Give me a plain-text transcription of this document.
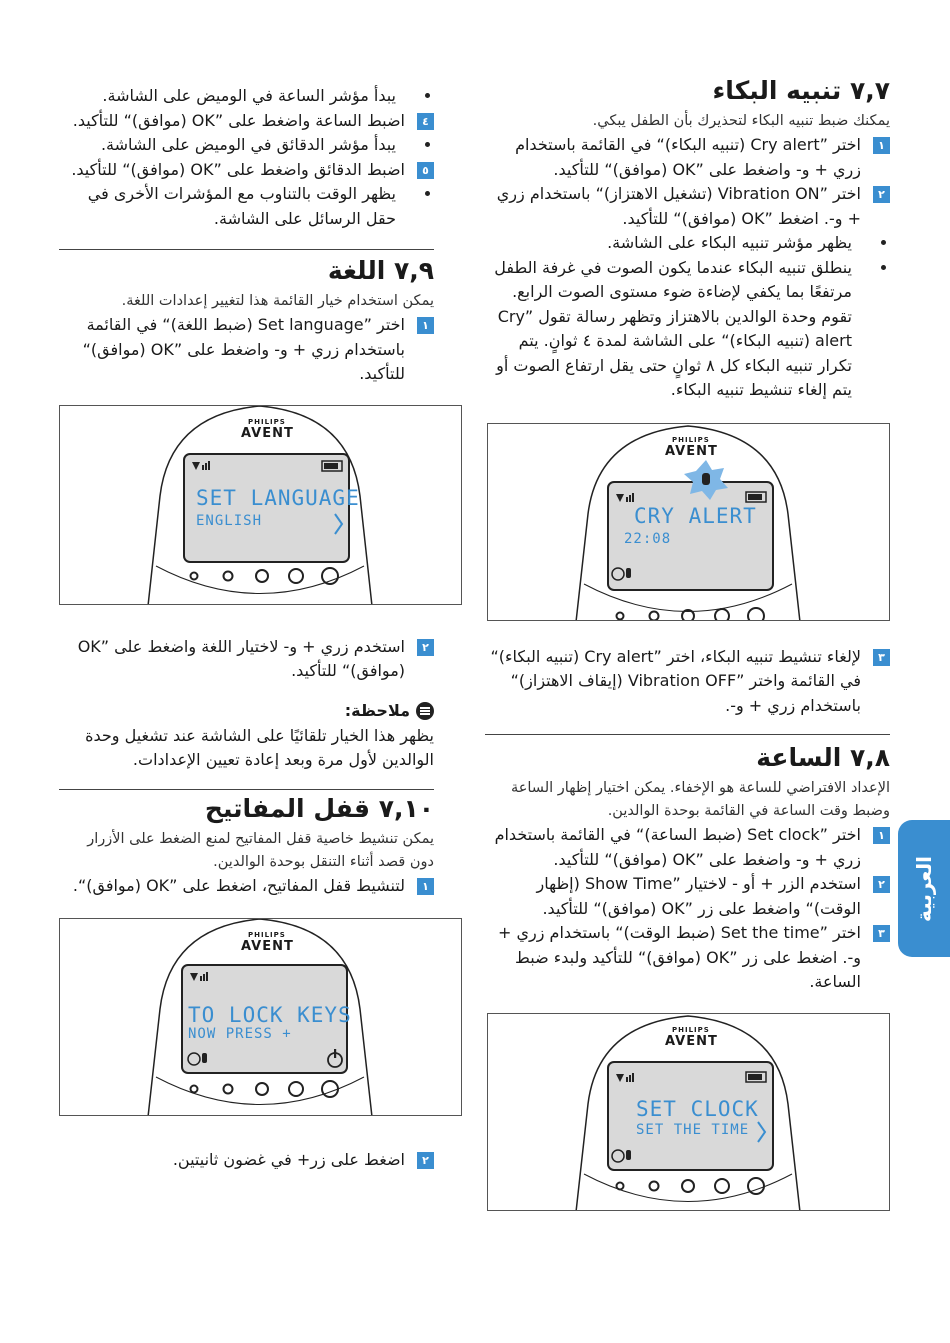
٧,٧ تنبيه البكاء

يمكنك ضبط تنبيه البكاء لتحذيرك بأن الطفل يبكي.

١
اختر ”Cry alert (تنبيه البكاء)“ في القائمة باستخدام زري + و- واضغط على ”OK (موافق)“ للتأكيد.
٢
اختر ”Vibration ON (تشغيل الاهتزاز)“ باستخدام زري + و-. اضغط ”OK (موافق)“ للتأكيد.
يظهر مؤشر تنبيه البكاء على الشاشة.
ينطلق تنبيه البكاء عندما يكون الصوت في غرفة الطفل مرتفعًا بما يكفي لإضاءة ضوء مستوى الصوت الرابع. تقوم وحدة الوالدين بالاهتزاز وتظهر رسالة تقول ”Cry alert (تنبيه البكاء)“ على الشاشة لمدة ٤ ثوانٍ. يتم تكرار تنبيه البكاء كل ٨ ثوانٍ حتى يقل ارتفاع الصوت أو يتم إلغاء تنشيط تنبيه البكاء.
PHILIPS
AVENT
CRY ALERT
22:08
٣
لإلغاء تنشيط تنبيه البكاء، اختر ”Cry alert (تنبيه البكاء)“ في القائمة واختر ”Vibration OFF (إيقاف الاهتزاز)“ باستخدام زري + و-.
٧,٨ الساعة

الإعداد الافتراضي للساعة هو الإخفاء. يمكن اختيار إظهار الساعة وضبط وقت الساعة في القائمة بوحدة الوالدين.

١
اختر ”Set clock (ضبط الساعة)“ في القائمة باستخدام زري + و- واضغط على ”OK (موافق)“ للتأكيد.
٢
استخدم الزر + أو - لاختيار ”Show Time (إظهار الوقت)“ واضغط على زر ”OK (موافق)“ للتأكيد.
٣
اختر ”Set the time (ضبط الوقت)“ باستخدام زري + و-. اضغط على زر ”OK (موافق)“ للتأكيد ولبدء ضبط الساعة.
PHILIPS
AVENT
SET CLOCK
SET THE TIME
يبدأ مؤشر الساعة في الوميض على الشاشة.
٤
اضبط الساعة واضغط على ”OK (موافق)“ للتأكيد.
يبدأ مؤشر الدقائق في الوميض على الشاشة.
٥
اضبط الدقائق واضغط على ”OK (موافق)“ للتأكيد.
يظهر الوقت بالتناوب مع المؤشرات الأخرى في حقل الرسائل على الشاشة.
٧,٩ اللغة

يمكن استخدام خيار القائمة هذا لتغيير إعدادات اللغة.

١
اختر ”Set language (ضبط اللغة)“ في القائمة باستخدام زري + و- واضغط على ”OK (موافق)“ للتأكيد.
PHILIPS
AVENT
SET LANGUAGE
ENGLISH
٢
استخدم زري + و- لاختيار اللغة واضغط على ”OK (موافق)“ للتأكيد.
ملاحظة:

يظهر هذا الخيار تلقائيًا على الشاشة عند تشغيل وحدة الوالدين لأول مرة وبعد إعادة تعيين الإعدادات.

٧,١٠ قفل المفاتيح

يمكن تنشيط خاصية قفل المفاتيح لمنع الضغط على الأزرار دون قصد أثناء التنقل بوحدة الوالدين.

١
لتنشيط قفل المفاتيح، اضغط على ”OK (موافق)“.
PHILIPS
AVENT
TO LOCK KEYS
NOW PRESS +
٢
اضغط على زر+ في غضون ثانيتين.
العربية
